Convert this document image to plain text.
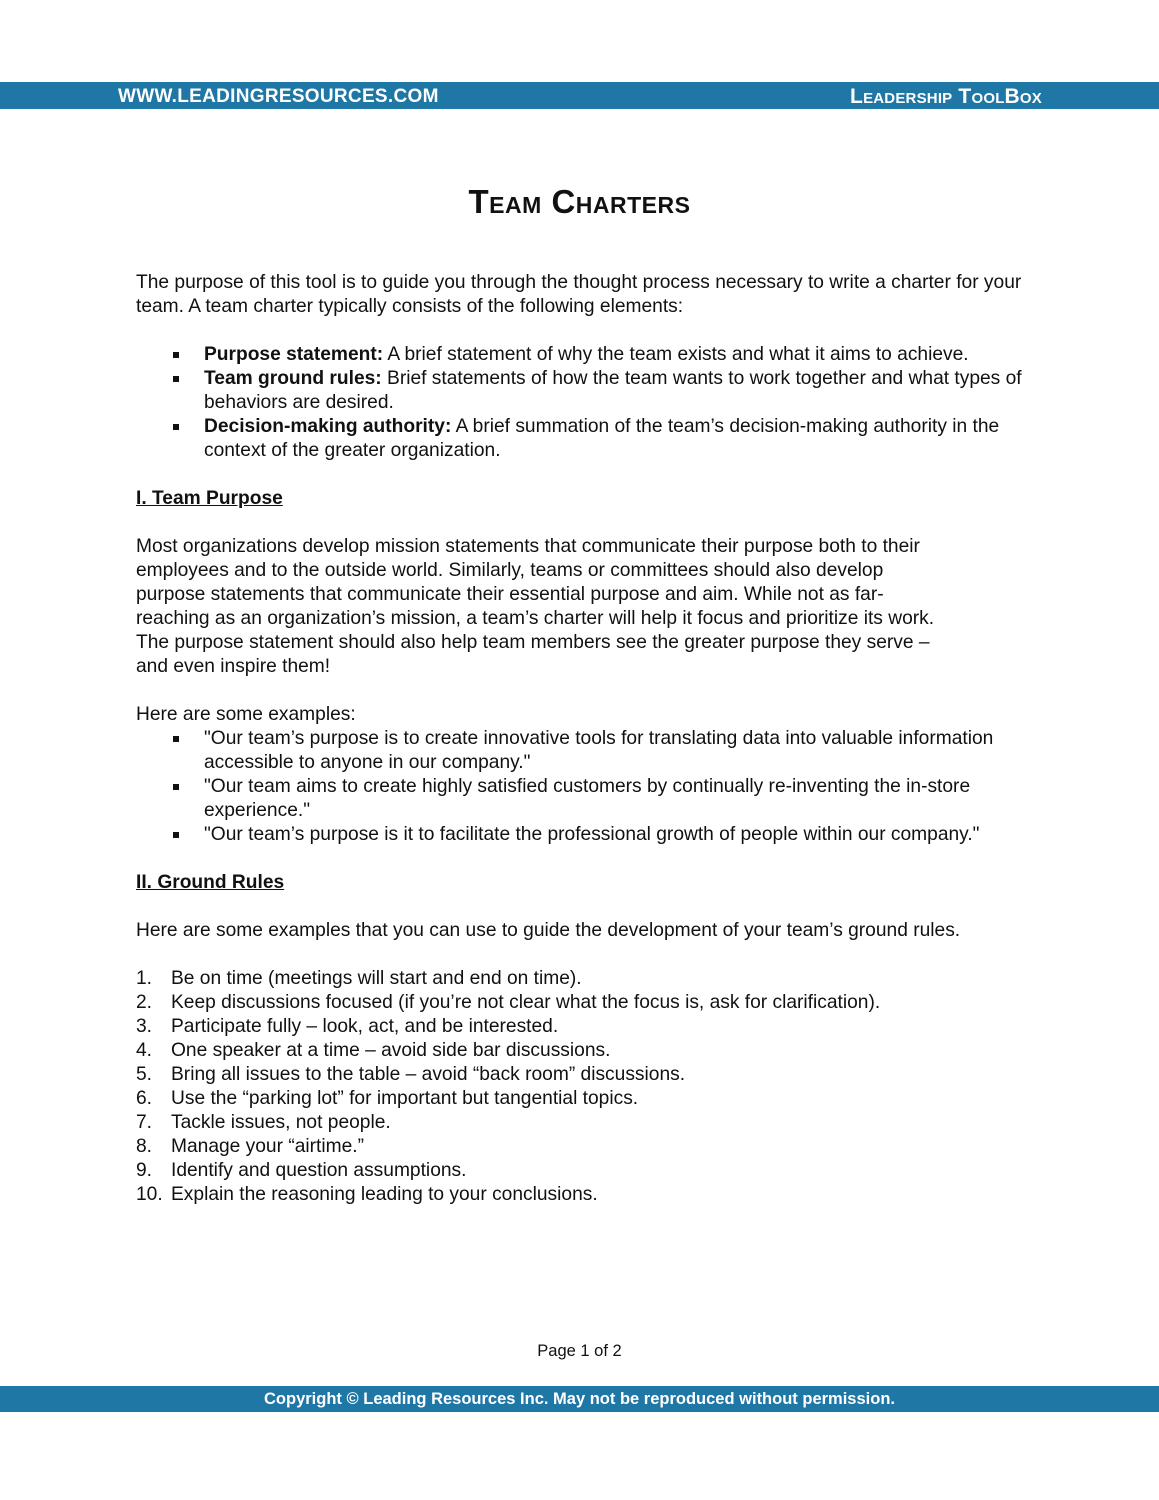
WWW.LEADINGRESOURCES.COM	Leadership ToolBox
Team Charters

The purpose of this tool is to guide you through the thought process necessary to write a charter for your team. A team charter typically consists of the following elements:

Purpose statement: A brief statement of why the team exists and what it aims to achieve.
Team ground rules: Brief statements of how the team wants to work together and what types of behaviors are desired.
Decision-making authority: A brief summation of the team’s decision-making authority in the context of the greater organization.

I. Team Purpose

Most organizations develop mission statements that communicate their purpose both to their
employees and to the outside world. Similarly, teams or committees should also develop
purpose statements that communicate their essential purpose and aim. While not as far-
reaching as an organization’s mission, a team’s charter will help it focus and prioritize its work.
The purpose statement should also help team members see the greater purpose they serve –
and even inspire them!

Here are some examples:

"Our team’s purpose is to create innovative tools for translating data into valuable information accessible to anyone in our company."
"Our team aims to create highly satisfied customers by continually re-inventing the in-store experience."
"Our team’s purpose is it to facilitate the professional growth of people within our company."

II. Ground Rules

Here are some examples that you can use to guide the development of your team’s ground rules.

1. Be on time (meetings will start and end on time).
2. Keep discussions focused (if you’re not clear what the focus is, ask for clarification).
3. Participate fully – look, act, and be interested.
4. One speaker at a time – avoid side bar discussions.
5. Bring all issues to the table – avoid “back room” discussions.
6. Use the “parking lot” for important but tangential topics.
7. Tackle issues, not people.
8. Manage your “airtime.”
9. Identify and question assumptions.
10. Explain the reasoning leading to your conclusions.
Page 1 of 2
Copyright © Leading Resources Inc. May not be reproduced without permission.
